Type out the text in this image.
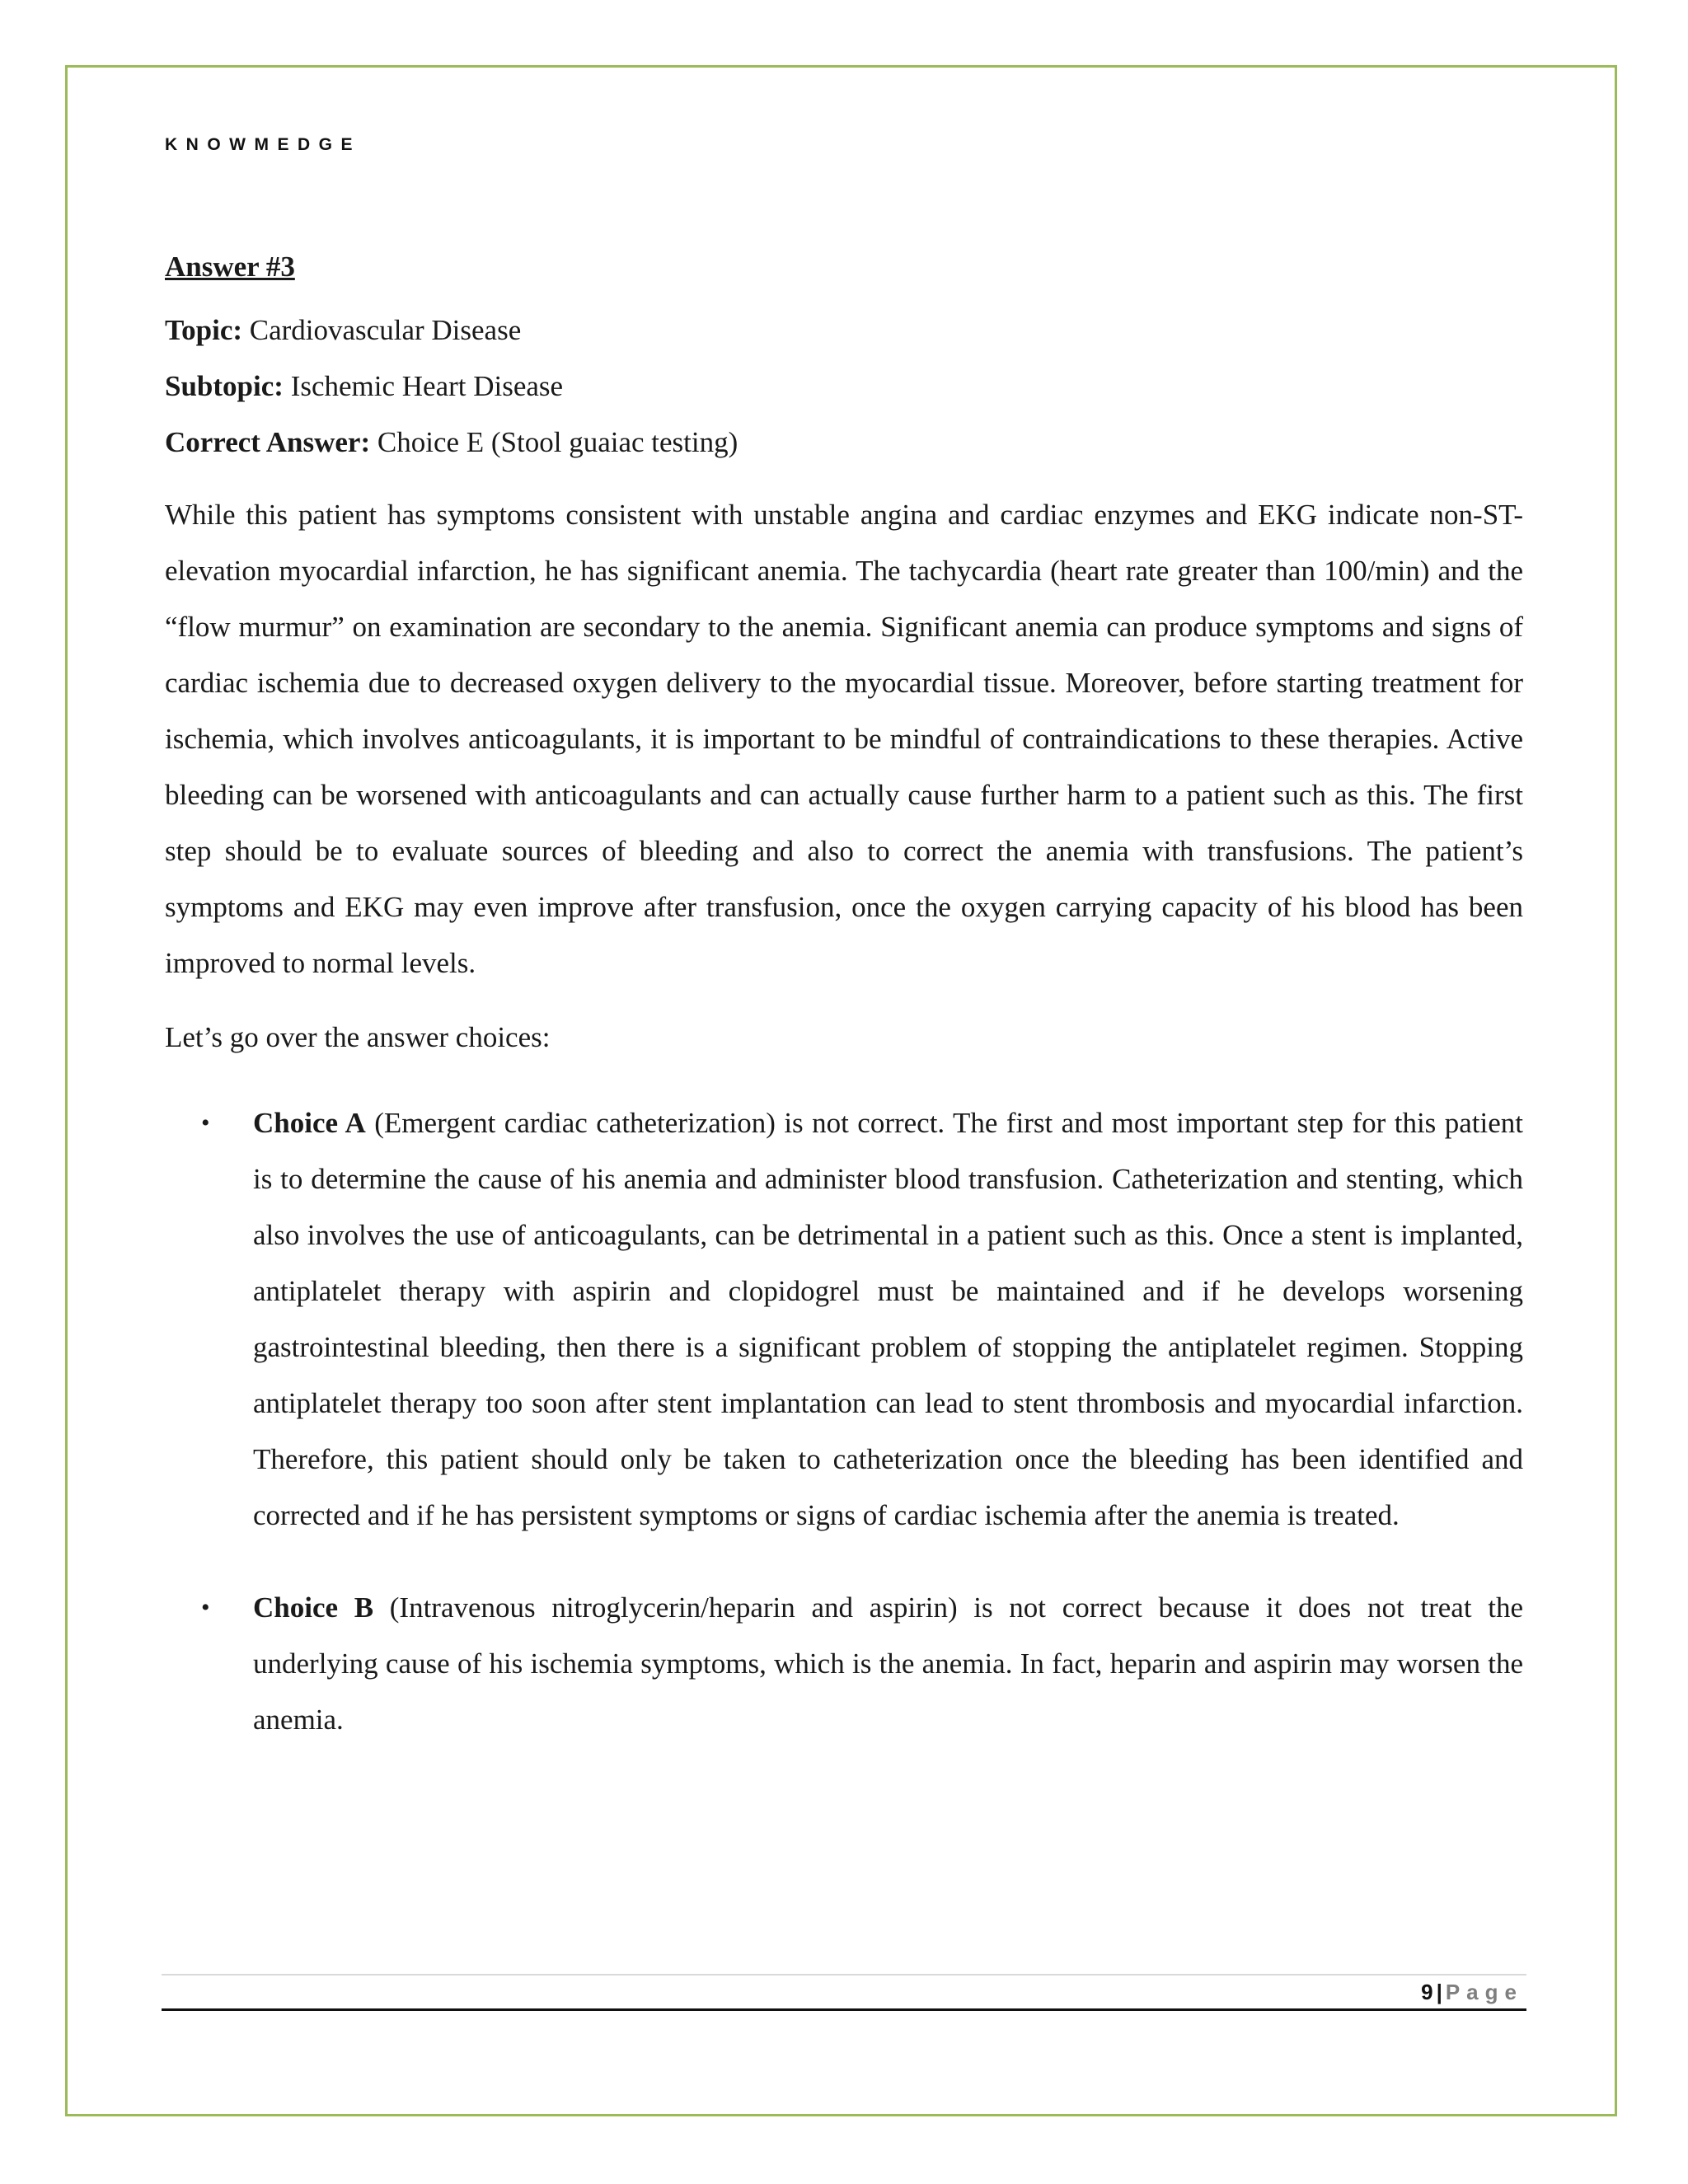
KNOWMEDGE

Answer #3

Topic: Cardiovascular Disease

Subtopic: Ischemic Heart Disease

Correct Answer: Choice E (Stool guaiac testing)

While this patient has symptoms consistent with unstable angina and cardiac enzymes and EKG indicate non-ST-elevation myocardial infarction, he has significant anemia. The tachycardia (heart rate greater than 100/min) and the “flow murmur” on examination are secondary to the anemia. Significant anemia can produce symptoms and signs of cardiac ischemia due to decreased oxygen delivery to the myocardial tissue. Moreover, before starting treatment for ischemia, which involves anticoagulants, it is important to be mindful of contraindications to these therapies. Active bleeding can be worsened with anticoagulants and can actually cause further harm to a patient such as this. The first step should be to evaluate sources of bleeding and also to correct the anemia with transfusions. The patient’s symptoms and EKG may even improve after transfusion, once the oxygen carrying capacity of his blood has been improved to normal levels.

Let’s go over the answer choices:

• Choice A (Emergent cardiac catheterization) is not correct. The first and most important step for this patient is to determine the cause of his anemia and administer blood transfusion. Catheterization and stenting, which also involves the use of anticoagulants, can be detrimental in a patient such as this. Once a stent is implanted, antiplatelet therapy with aspirin and clopidogrel must be maintained and if he develops worsening gastrointestinal bleeding, then there is a significant problem of stopping the antiplatelet regimen. Stopping antiplatelet therapy too soon after stent implantation can lead to stent thrombosis and myocardial infarction. Therefore, this patient should only be taken to catheterization once the bleeding has been identified and corrected and if he has persistent symptoms or signs of cardiac ischemia after the anemia is treated.
• Choice B (Intravenous nitroglycerin/heparin and aspirin) is not correct because it does not treat the underlying cause of his ischemia symptoms, which is the anemia. In fact, heparin and aspirin may worsen the anemia.
9 | Page
